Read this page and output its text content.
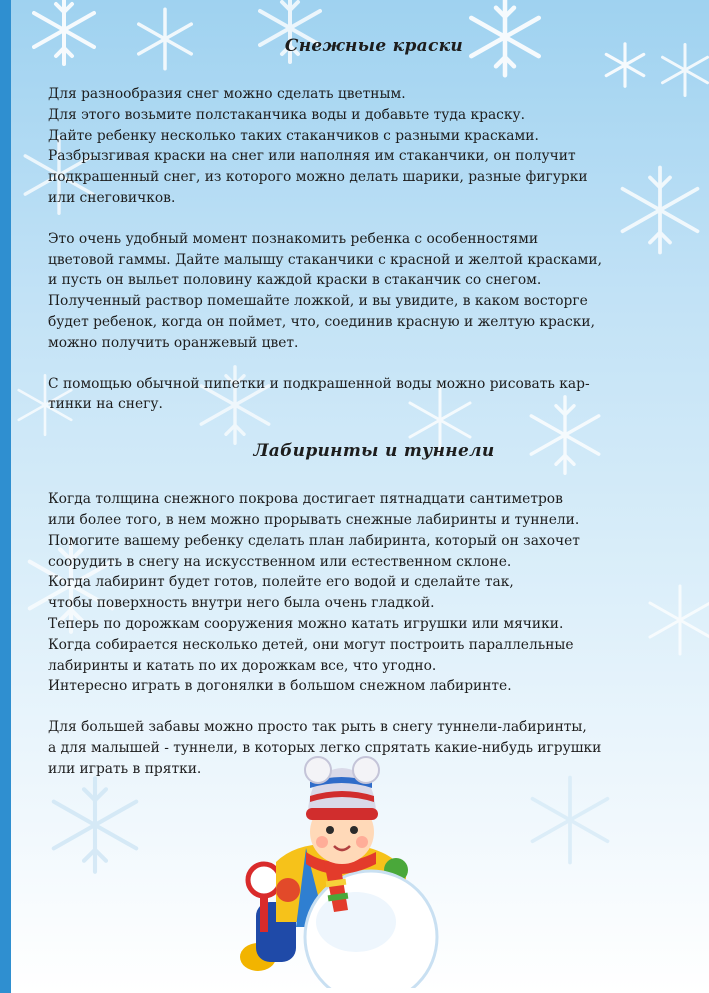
Снежные краски

Для разнообразия снег можно сделать цветным.
Для этого возьмите полстаканчика воды и добавьте туда краску.
Дайте ребенку несколько таких стаканчиков с разными красками.
Разбрызгивая краски на снег или наполняя им стаканчики, он получит
подкрашенный снег, из которого можно делать шарики, разные фигурки
или снеговичков.

Это очень удобный момент познакомить ребенка с особенностями
цветовой гаммы. Дайте малышу стаканчики с красной и желтой красками,
и пусть он выльет половину каждой краски в стаканчик со снегом.
Полученный раствор помешайте ложкой, и вы увидите, в каком восторге
будет ребенок, когда он поймет, что, соединив красную и желтую краски,
можно получить оранжевый цвет.

С помощью обычной пипетки и подкрашенной воды можно рисовать кар-
тинки на снегу.

Лабиринты и туннели

Когда толщина снежного покрова достигает пятнадцати сантиметров
или более того, в нем можно прорывать снежные лабиринты и туннели.
Помогите вашему ребенку сделать план лабиринта, который он захочет
соорудить в снегу на искусственном или естественном склоне.
Когда лабиринт будет готов, полейте его водой и сделайте так,
чтобы поверхность внутри него была очень гладкой.
Теперь по дорожкам сооружения можно катать игрушки или мячики.
Когда собирается несколько детей, они могут построить параллельные
лабиринты и катать по их дорожкам все, что угодно.
Интересно играть в догонялки в большом снежном лабиринте.

Для большей забавы можно просто так рыть в снегу туннели-лабиринты,
а для малышей - туннели, в которых легко спрятать какие-нибудь игрушки
или играть в прятки.
